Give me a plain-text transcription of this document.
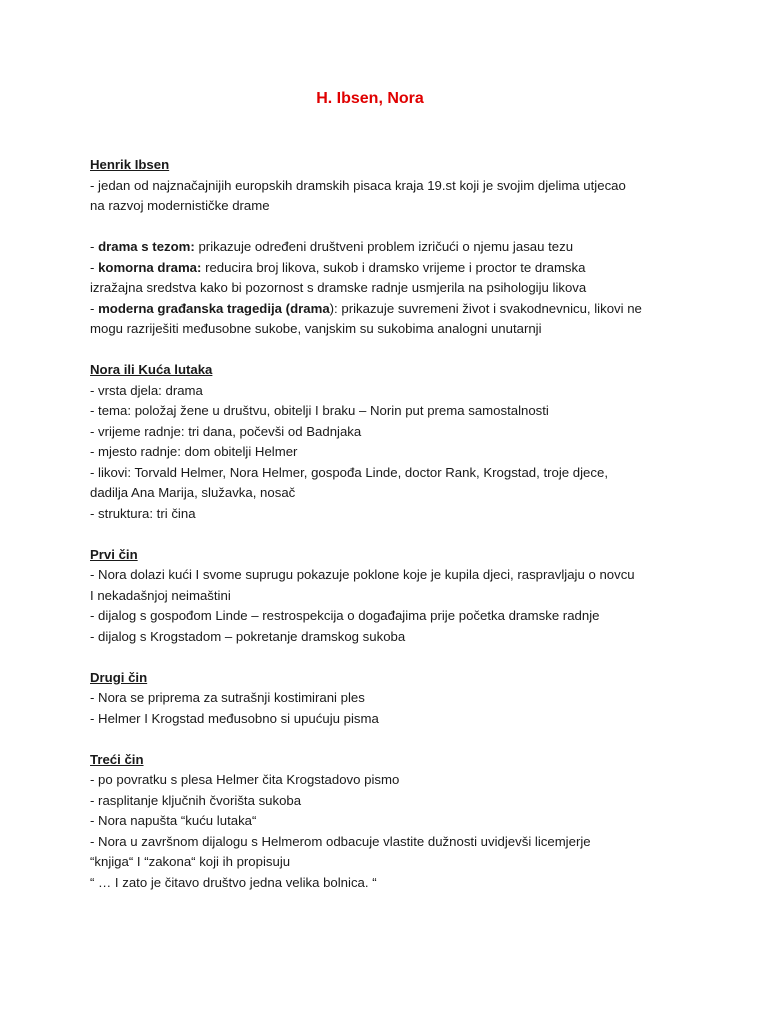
H. Ibsen, Nora
Henrik Ibsen
- jedan od najznačajnijih europskih dramskih pisaca kraja 19.st koji je svojim djelima utjecao
na razvoj modernističke drame
- drama s tezom: prikazuje određeni društveni problem izričući o njemu jasau tezu
- komorna drama: reducira broj likova, sukob i dramsko vrijeme i proctor te dramska
izražajna sredstva kako bi pozornost s dramske radnje usmjerila na psihologiju likova
- moderna građanska tragedija (drama): prikazuje suvremeni život i svakodnevnicu, likovi ne
mogu razriješiti međusobne sukobe, vanjskim su sukobima analogni unutarnji
Nora ili Kuća lutaka
- vrsta djela: drama
- tema: položaj žene u društvu, obitelji I braku – Norin put prema samostalnosti
- vrijeme radnje: tri dana, počevši od Badnjaka
- mjesto radnje: dom obitelji Helmer
- likovi: Torvald Helmer, Nora Helmer, gospođa Linde, doctor Rank, Krogstad, troje djece,
dadilja Ana Marija, služavka, nosač
- struktura: tri čina
Prvi čin
- Nora dolazi kući I svome suprugu pokazuje poklone koje je kupila djeci, raspravljaju o novcu
I nekadašnjoj neimaštini
- dijalog s gospođom Linde – restrospekcija o događajima prije početka dramske radnje
- dijalog s Krogstadom – pokretanje dramskog sukoba
Drugi čin
- Nora se priprema za sutrašnji kostimirani ples
- Helmer I Krogstad međusobno si upućuju pisma
Treći čin
- po povratku s plesa Helmer čita Krogstadovo pismo
- rasplitanje ključnih čvorišta sukoba
- Nora napušta “kuću lutaka“
- Nora u završnom dijalogu s Helmerom odbacuje vlastite dužnosti uvidjevši licemjerje
“knjiga“ I “zakona“ koji ih propisuju
“ … I zato je čitavo društvo jedna velika bolnica. “
